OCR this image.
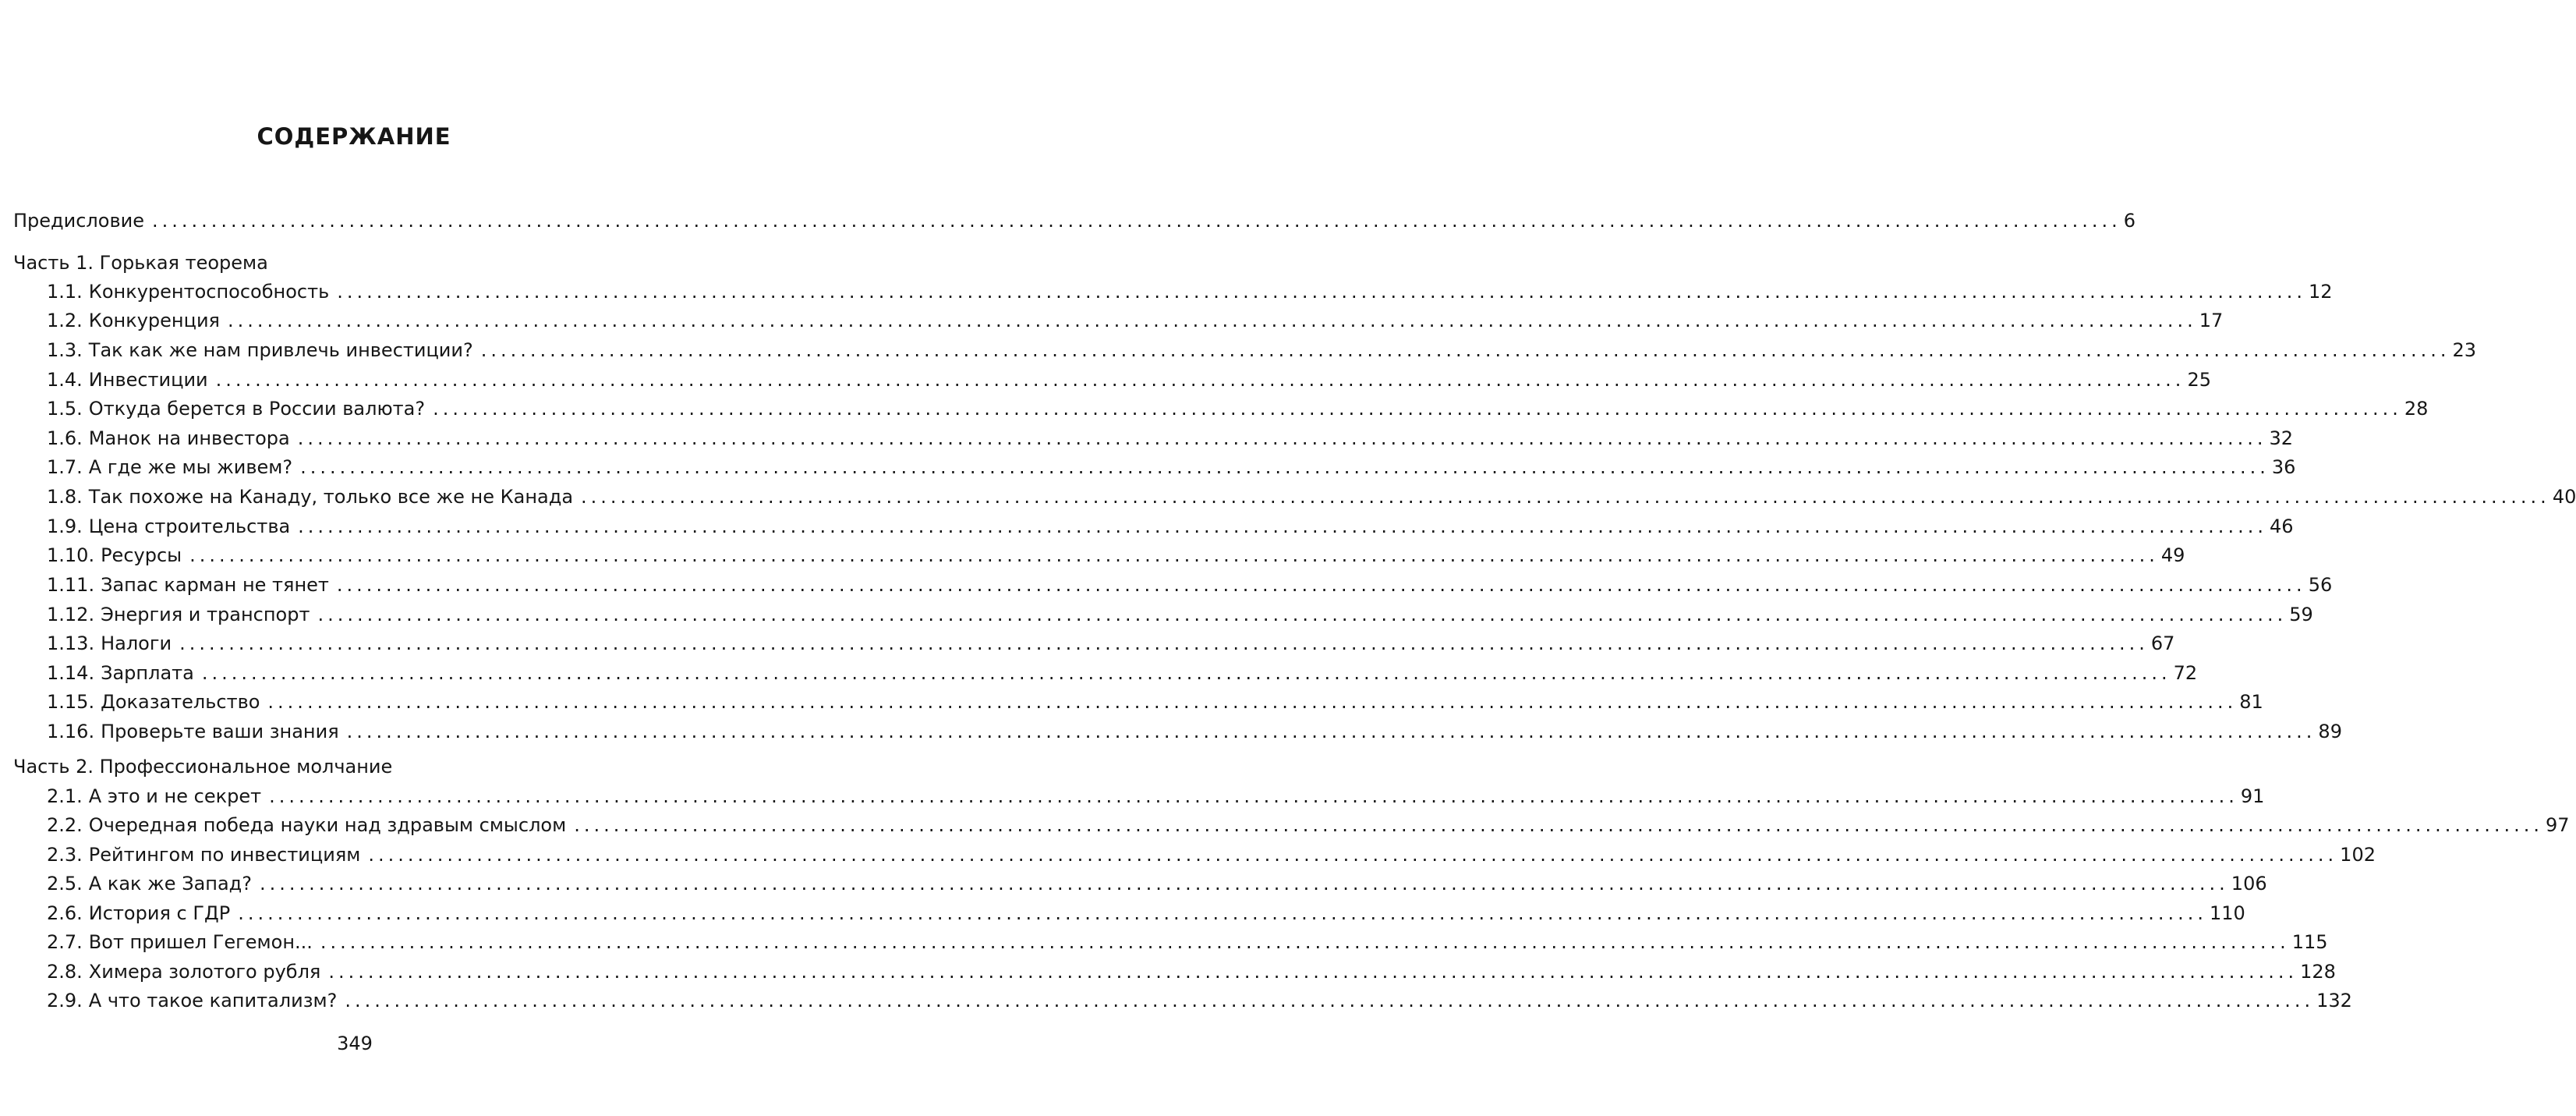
СОДЕРЖАНИЕ
Предисловие ........................................................................................................................................................................................................ 6
Часть 1. Горькая теорема
1.1. Конкурентоспособность ........................................................................................................................................................................................................ 12
1.2. Конкуренция ........................................................................................................................................................................................................ 17
1.3. Так как же нам привлечь инвестиции? ........................................................................................................................................................................................................ 23
1.4. Инвестиции ........................................................................................................................................................................................................ 25
1.5. Откуда берется в России валюта? ........................................................................................................................................................................................................ 28
1.6. Манок на инвестора ........................................................................................................................................................................................................ 32
1.7. А где же мы живем? ........................................................................................................................................................................................................ 36
1.8. Так похоже на Канаду, только все же не Канада ........................................................................................................................................................................................................ 40
1.9. Цена строительства ........................................................................................................................................................................................................ 46
1.10. Ресурсы ........................................................................................................................................................................................................ 49
1.11. Запас карман не тянет ........................................................................................................................................................................................................ 56
1.12. Энергия и транспорт ........................................................................................................................................................................................................ 59
1.13. Налоги ........................................................................................................................................................................................................ 67
1.14. Зарплата ........................................................................................................................................................................................................ 72
1.15. Доказательство ........................................................................................................................................................................................................ 81
1.16. Проверьте ваши знания ........................................................................................................................................................................................................ 89
Часть 2. Профессиональное молчание
2.1. А это и не секрет ........................................................................................................................................................................................................ 91
2.2. Очередная победа науки над здравым смыслом ........................................................................................................................................................................................................ 97
2.3. Рейтингом по инвестициям ........................................................................................................................................................................................................ 102
2.5. А как же Запад? ........................................................................................................................................................................................................ 106
2.6. История с ГДР ........................................................................................................................................................................................................ 110
2.7. Вот пришел Гегемон... ........................................................................................................................................................................................................ 115
2.8. Химера золотого рубля ........................................................................................................................................................................................................ 128
2.9. А что такое капитализм? ........................................................................................................................................................................................................ 132
349
